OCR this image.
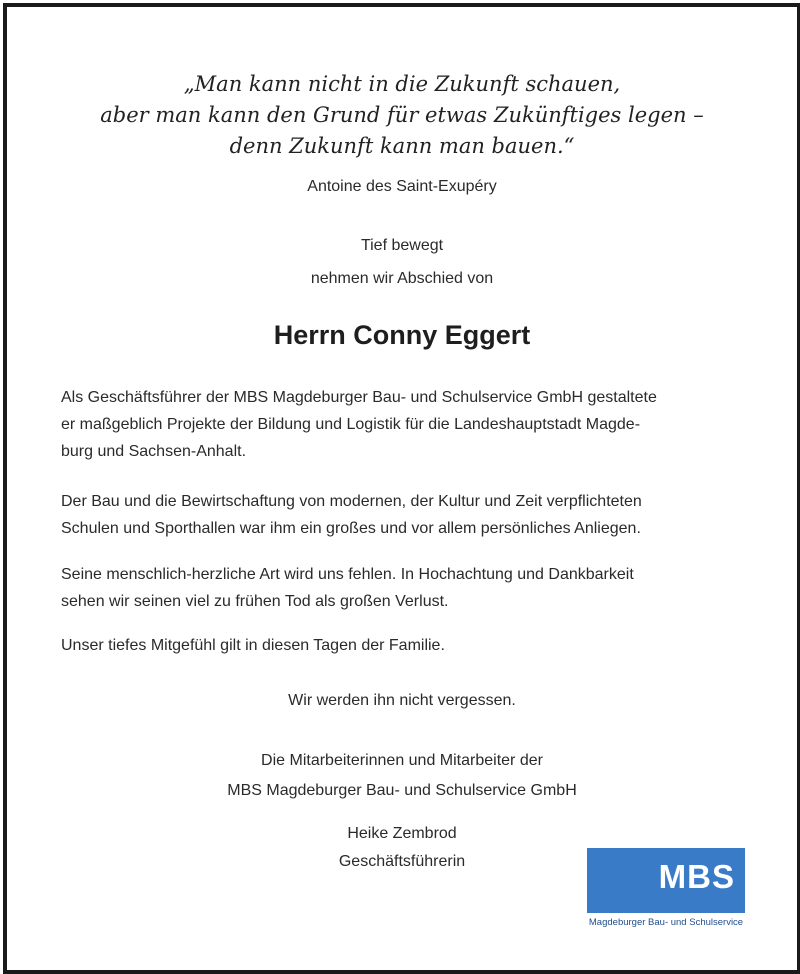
„Man kann nicht in die Zukunft schauen,
aber man kann den Grund für etwas Zukünftiges legen –
denn Zukunft kann man bauen.“
Antoine des Saint-Exupéry
Tief bewegt
nehmen wir Abschied von
Herrn Conny Eggert
Als Geschäftsführer der MBS Magdeburger Bau- und Schulservice GmbH gestaltete
er maßgeblich Projekte der Bildung und Logistik für die Landeshauptstadt Magde-
burg und Sachsen-Anhalt.
Der Bau und die Bewirtschaftung von modernen, der Kultur und Zeit verpflichteten
Schulen und Sporthallen war ihm ein großes und vor allem persönliches Anliegen.
Seine menschlich-herzliche Art wird uns fehlen. In Hochachtung und Dankbarkeit
sehen wir seinen viel zu frühen Tod als großen Verlust.
Unser tiefes Mitgefühl gilt in diesen Tagen der Familie.
Wir werden ihn nicht vergessen.
Die Mitarbeiterinnen und Mitarbeiter der
MBS Magdeburger Bau- und Schulservice GmbH
Heike Zembrod
Geschäftsführerin	MBS
Magdeburger Bau- und Schulservice
